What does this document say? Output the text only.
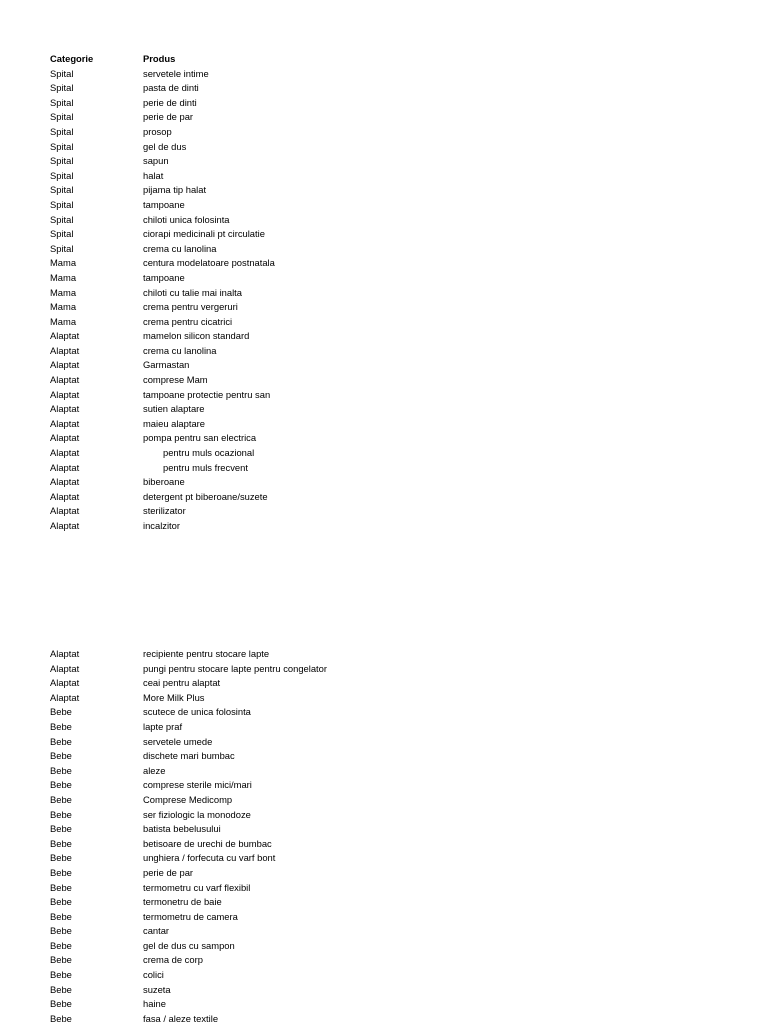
Categorie	Produs
Spital	servetele intime
Spital	pasta de dinti
Spital	perie de dinti
Spital	perie de par
Spital	prosop
Spital	gel de dus
Spital	sapun
Spital	halat
Spital	pijama tip halat
Spital	tampoane
Spital	chiloti unica folosinta
Spital	ciorapi medicinali pt circulatie
Spital	crema cu lanolina
Mama	centura modelatoare postnatala
Mama	tampoane
Mama	chiloti cu talie mai inalta
Mama	crema pentru vergeruri
Mama	crema pentru cicatrici
Alaptat	mamelon silicon standard
Alaptat	crema cu lanolina
Alaptat	Garmastan
Alaptat	comprese Mam
Alaptat	tampoane protectie pentru san
Alaptat	sutien alaptare
Alaptat	maieu alaptare
Alaptat	pompa pentru san electrica
Alaptat	pentru muls ocazional
Alaptat	pentru muls frecvent
Alaptat	biberoane
Alaptat	detergent pt biberoane/suzete
Alaptat	sterilizator
Alaptat	incalzitor
Alaptat	recipiente pentru stocare lapte
Alaptat	pungi pentru stocare lapte pentru congelator
Alaptat	ceai pentru alaptat
Alaptat	More Milk Plus
Bebe	scutece de unica folosinta
Bebe	lapte praf
Bebe	servetele umede
Bebe	dischete mari bumbac
Bebe	aleze
Bebe	comprese sterile mici/mari
Bebe	Comprese Medicomp
Bebe	ser fiziologic la monodoze
Bebe	batista bebelusului
Bebe	betisoare de urechi de bumbac
Bebe	unghiera / forfecuta cu varf bont
Bebe	perie de par
Bebe	termometru cu varf flexibil
Bebe	termonetru de baie
Bebe	termometru de camera
Bebe	cantar
Bebe	gel de dus cu sampon
Bebe	crema de corp
Bebe	colici
Bebe	suzeta
Bebe	haine
Bebe	fasa / aleze textile
